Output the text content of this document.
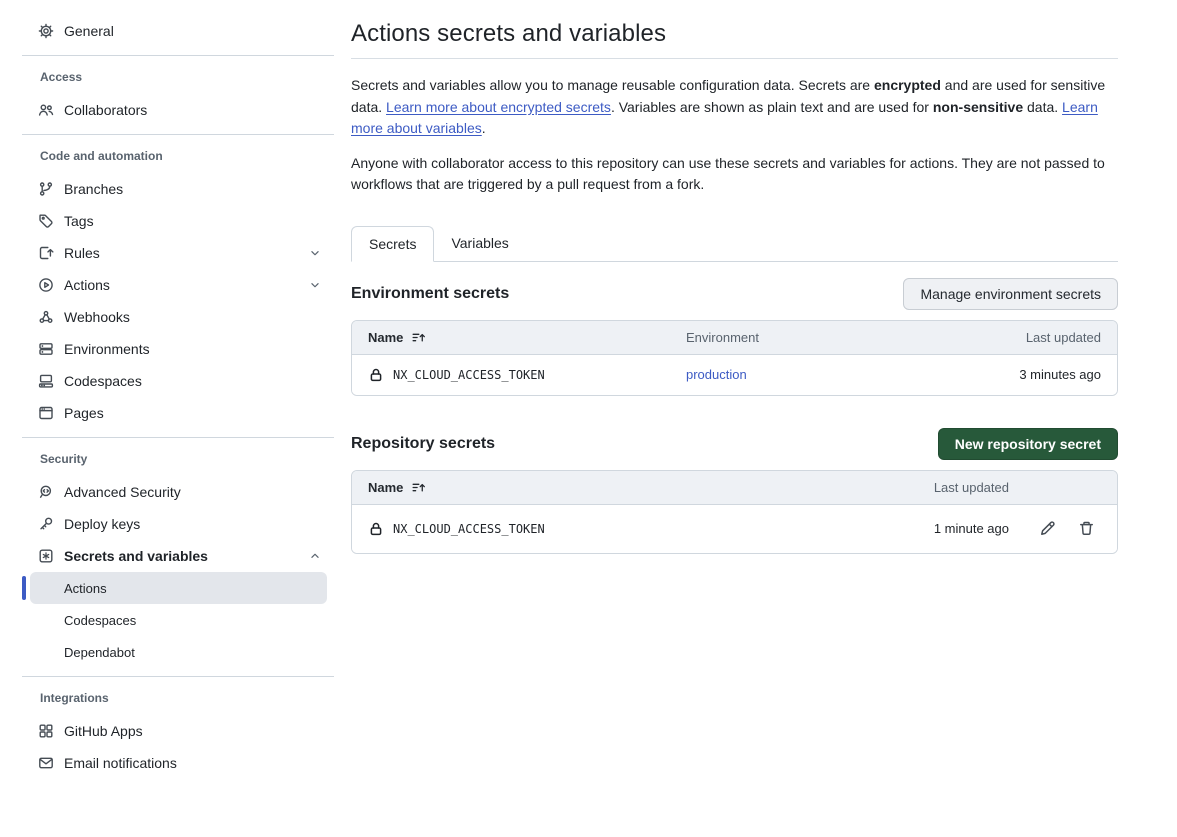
General
Access
Collaborators
Code and automation
Branches
Tags
Rules
Actions
Webhooks
Environments
Codespaces
Pages
Security
Advanced Security
Deploy keys
Secrets and variables
Actions
Codespaces
Dependabot
Integrations
GitHub Apps
Email notifications
Actions secrets and variables

Secrets and variables allow you to manage reusable configuration data. Secrets are encrypted and are used for sensitive data. Learn more about encrypted secrets. Variables are shown as plain text and are used for non-sensitive data. Learn more about variables.

Anyone with collaborator access to this repository can use these secrets and variables for actions. They are not passed to workflows that are triggered by a pull request from a fork.

Secrets	Variables
Environment secrets	Manage environment secrets
Name	Environment	Last updated
NX_CLOUD_ACCESS_TOKEN	production	3 minutes ago
Repository secrets	New repository secret
Name	Last updated
NX_CLOUD_ACCESS_TOKEN	1 minute ago
